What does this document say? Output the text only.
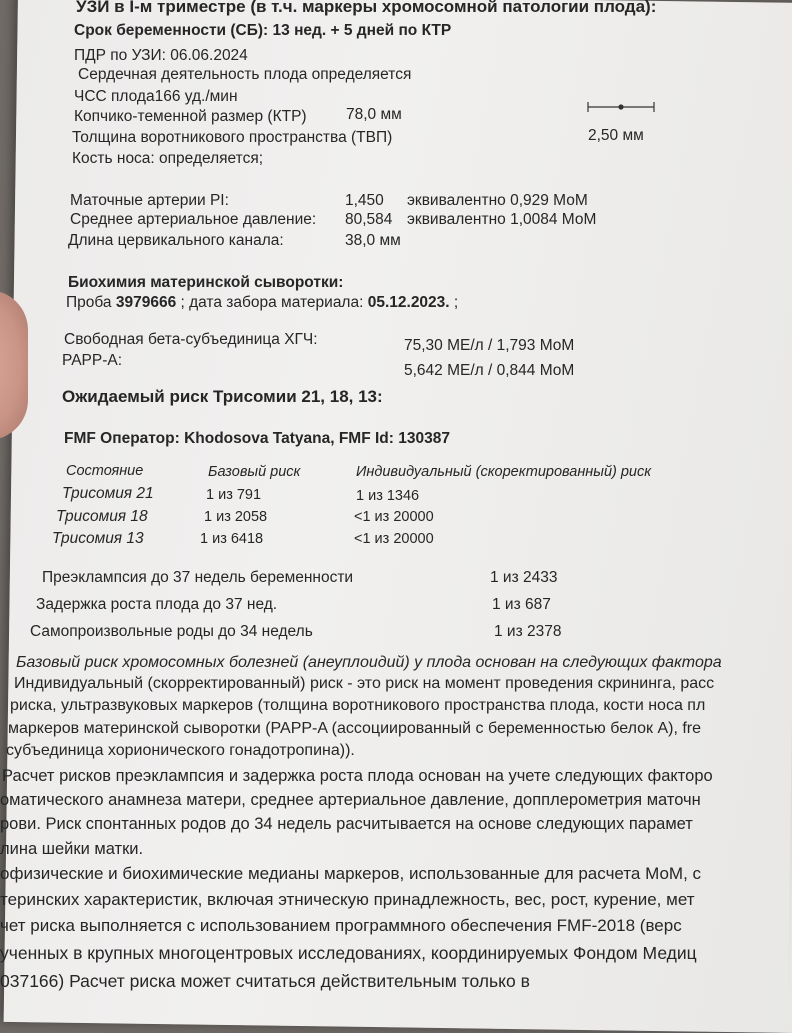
УЗИ в I-м триместре (в т.ч. маркеры хромосомной патологии плода):
Срок беременности (СБ): 13 нед. + 5 дней по КТР
ПДР по УЗИ: 06.06.2024
Сердечная деятельность плода определяется
ЧСС плода166 уд./мин
Копчико-теменной размер (КТР)	78,0 мм
Толщина воротникового пространства (ТВП)	2,50 мм
Кость носа: определяется;
Маточные артерии PI:	1,450 эквивалентно 0,929 МоМ
Среднее артериальное давление: 80,584 эквивалентно 1,0084 МоМ
Длина цервикального канала:	38,0 мм
Биохимия материнской сыворотки:
Проба 3979666 ; дата забора материала: 05.12.2023. ;
Свободная бета-субъединица ХГЧ:	75,30 МЕ/л / 1,793 МоМ
PAPP-A:
5,642 МЕ/л / 0,844 МоМ
Ожидаемый риск Трисомии 21, 18, 13:
FMF Оператор: Khodosova Tatyana, FMF Id: 130387
Состояние	Базовый риск	Индивидуальный (скоректированный) риск
Трисомия 21	1 из 791	1 из 1346
Трисомия 18	1 из 2058	<1 из 20000
Трисомия 13	1 из 6418	<1 из 20000
Преэклампсия до 37 недель беременности	1 из 2433
Задержка роста плода до 37 нед.	1 из 687
Самопроизвольные роды до 34 недель	1 из 2378
Базовый риск хромосомных болезней (анеуплоидий) у плода основан на следующих фактора
Индивидуальный (скорректированный) риск - это риск на момент проведения скрининга, расс
риска, ультразвуковых маркеров (толщина воротникового пространства плода, кости носа пл
маркеров материнской сыворотки (PAPP-A (ассоциированный с беременностью белок А), fre
субъединица хорионического гонадотропина)).
Расчет рисков преэклампсия и задержка роста плода основан на учете следующих факторо
оматического анамнеза матери, среднее артериальное давление, допплерометрия маточн
рови. Риск спонтанных родов до 34 недель расчитывается на основе следующих парамет
лина шейки матки.
офизические и биохимические медианы маркеров, использованные для расчета МоМ, с
теринских характеристик, включая этническую принадлежность, вес, рост, курение, мет
чет риска выполняется с использованием программного обеспечения FMF-2018 (верс
ученных в крупных многоцентровых исследованиях, координируемых Фондом Медиц
037166) Расчет риска может считаться действительным только в
